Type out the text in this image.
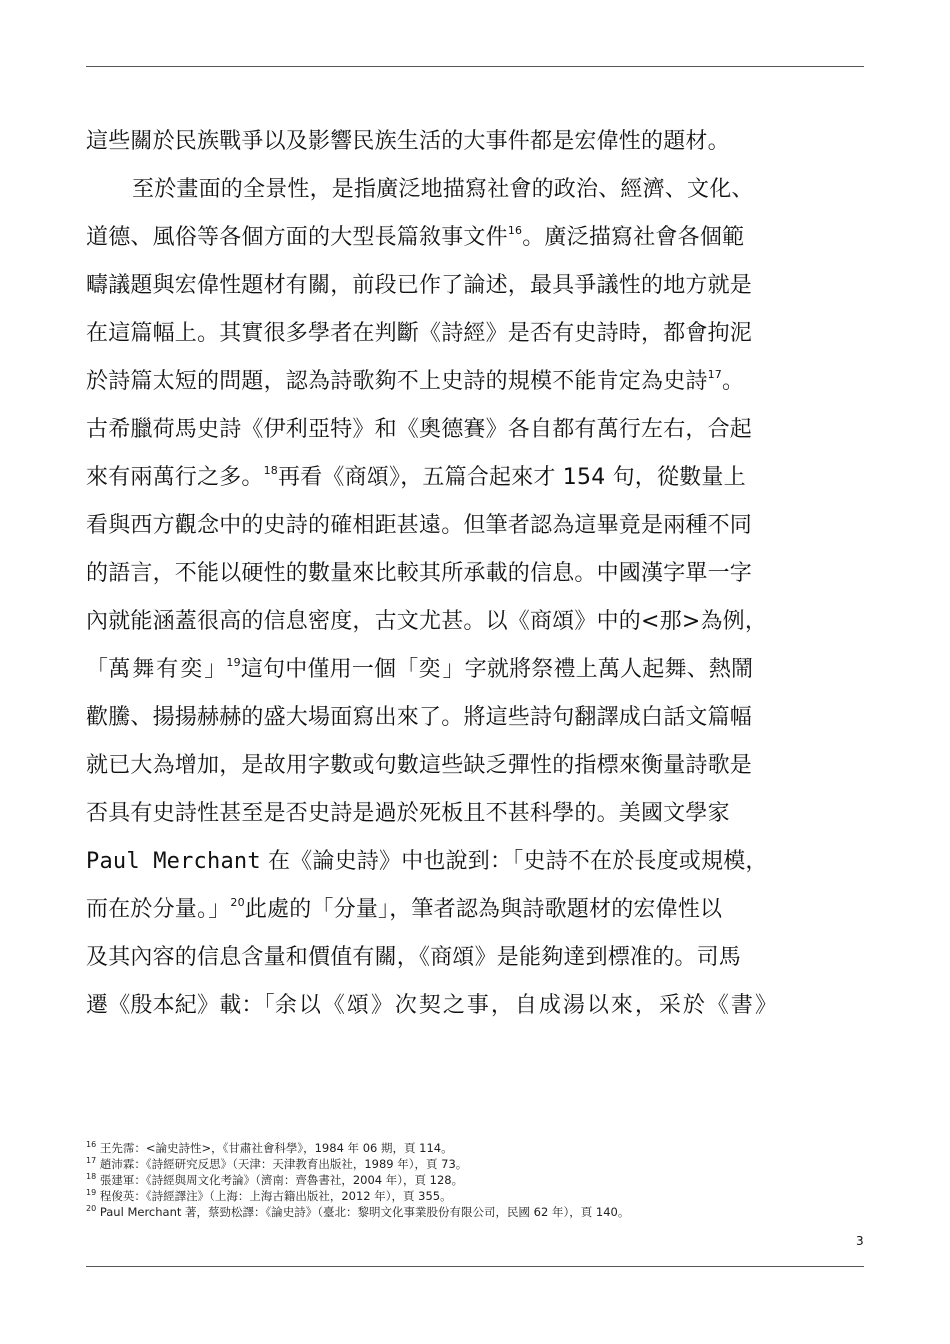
這些關於民族戰爭以及影響民族生活的大事件都是宏偉性的題材。
至於畫面的全景性，是指廣泛地描寫社會的政治、經濟、文化、
道德、風俗等各個方面的大型長篇敘事文件$^{16}$。廣泛描寫社會各個範
疇議題與宏偉性題材有關，前段已作了論述，最具爭議性的地方就是
在這篇幅上。其實很多學者在判斷《詩經》是否有史詩時，都會拘泥
於詩篇太短的問題，認為詩歌夠不上史詩的規模不能肯定為史詩$^{17}$。
古希臘荷馬史詩《伊利亞特》和《奧德賽》各自都有萬行左右，合起
來有兩萬行之多。$^{18}$再看《商頌》，五篇合起來才 154 句，從數量上
看與西方觀念中的史詩的確相距甚遠。但筆者認為這畢竟是兩種不同
的語言，不能以硬性的數量來比較其所承載的信息。中國漢字單一字
內就能涵蓋很高的信息密度，古文尤甚。以《商頌》中的<那>為例，
「萬舞有奕」$^{19}$這句中僅用一個「奕」字就將祭禮上萬人起舞、熱鬧
歡騰、揚揚赫赫的盛大場面寫出來了。將這些詩句翻譯成白話文篇幅
就已大為增加，是故用字數或句數這些缺乏彈性的指標來衡量詩歌是
否具有史詩性甚至是否史詩是過於死板且不甚科學的。美國文學家
Paul Merchant 在《論史詩》中也說到：「史詩不在於長度或規模，
而在於分量。」$^{20}$此處的「分量」，筆者認為與詩歌題材的宏偉性以
及其內容的信息含量和價值有關，《商頌》是能夠達到標准的。司馬
遷《殷本紀》載：「余以《頌》次契之事，自成湯以來，采於《書》
$^{16}$ 王先霈：<論史詩性>，《甘肅社會科學》，1984 年 06 期，頁 114。
$^{17}$ 趙沛霖：《詩經研究反思》（天津：天津教育出版社，1989 年），頁 73。
$^{18}$ 張建軍：《詩經與周文化考論》（濟南：齊魯書社，2004 年），頁 128。
$^{19}$ 程俊英：《詩經譯注》（上海：上海古籍出版社，2012 年），頁 355。
$^{20}$ Paul Merchant 著，蔡勁松譯：《論史詩》（臺北：黎明文化事業股份有限公司，民國 62 年），頁 140。
3
